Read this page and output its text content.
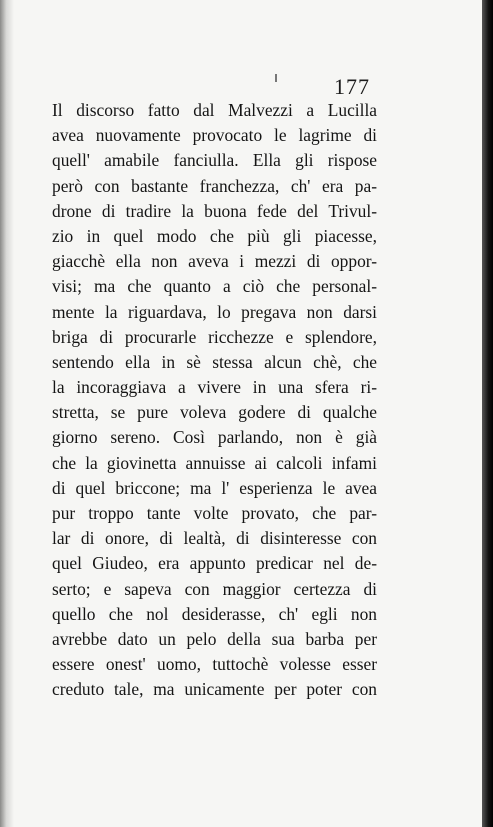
177
Il discorso fatto dal Malvezzi a Lucilla
avea nuovamente provocato le lagrime di
quell' amabile fanciulla. Ella gli rispose
però con bastante franchezza, ch' era pa-
drone di tradire la buona fede del Trivul-
zio in quel modo che più gli piacesse,
giacchè ella non aveva i mezzi di oppor-
visi; ma che quanto a ciò che personal-
mente la riguardava, lo pregava non darsi
briga di procurarle ricchezze e splendore,
sentendo ella in sè stessa alcun chè, che
la incoraggiava a vivere in una sfera ri-
stretta, se pure voleva godere di qualche
giorno sereno. Così parlando, non è già
che la giovinetta annuisse ai calcoli infami
di quel briccone; ma l' esperienza le avea
pur troppo tante volte provato, che par-
lar di onore, di lealtà, di disinteresse con
quel Giudeo, era appunto predicar nel de-
serto; e sapeva con maggior certezza di
quello che nol desiderasse, ch' egli non
avrebbe dato un pelo della sua barba per
essere onest' uomo, tuttochè volesse esser
creduto tale, ma unicamente per poter con
